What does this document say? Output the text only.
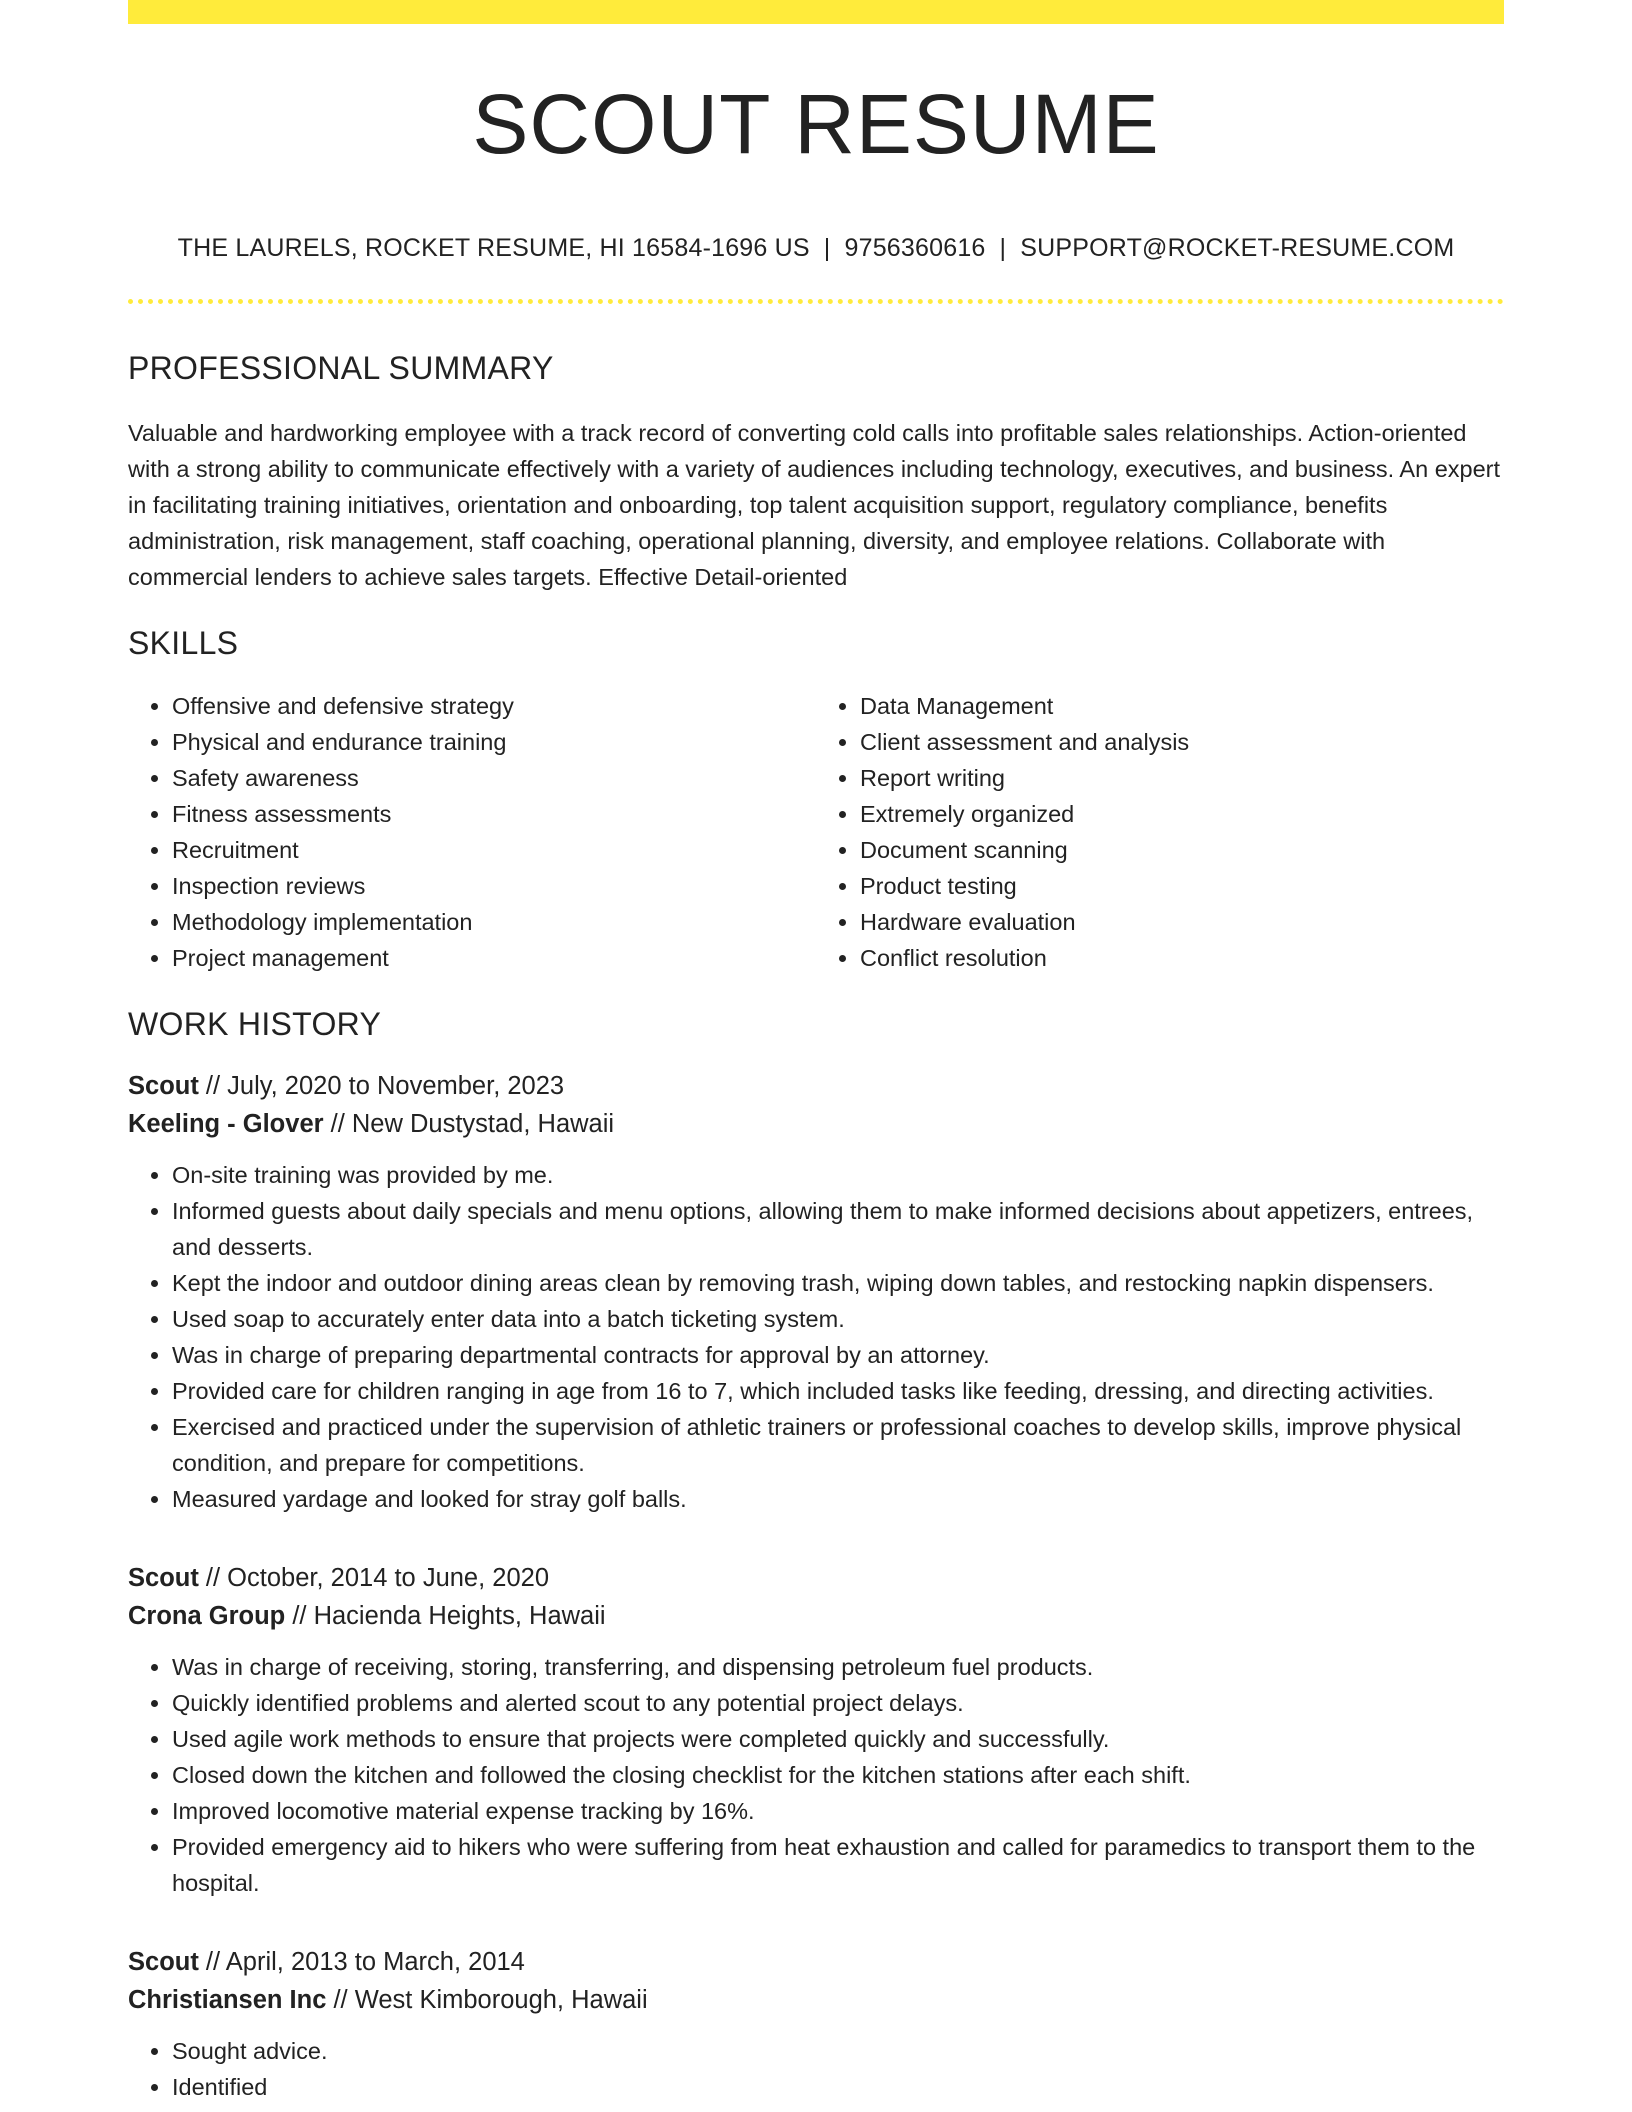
SCOUT RESUME
THE LAURELS, ROCKET RESUME, HI 16584-1696 US | 9756360616 | SUPPORT@ROCKET-RESUME.COM
PROFESSIONAL SUMMARY
Valuable and hardworking employee with a track record of converting cold calls into profitable sales relationships. Action-oriented with a strong ability to communicate effectively with a variety of audiences including technology, executives, and business. An expert in facilitating training initiatives, orientation and onboarding, top talent acquisition support, regulatory compliance, benefits administration, risk management, staff coaching, operational planning, diversity, and employee relations. Collaborate with commercial lenders to achieve sales targets. Effective Detail-oriented
SKILLS
• Offensive and defensive strategy
• Physical and endurance training
• Safety awareness
• Fitness assessments
• Recruitment
• Inspection reviews
• Methodology implementation
• Project management
• Data Management
• Client assessment and analysis
• Report writing
• Extremely organized
• Document scanning
• Product testing
• Hardware evaluation
• Conflict resolution
WORK HISTORY
Scout // July, 2020 to November, 2023
Keeling - Glover // New Dustystad, Hawaii
• On-site training was provided by me.
• Informed guests about daily specials and menu options, allowing them to make informed decisions about appetizers, entrees, and desserts.
• Kept the indoor and outdoor dining areas clean by removing trash, wiping down tables, and restocking napkin dispensers.
• Used soap to accurately enter data into a batch ticketing system.
• Was in charge of preparing departmental contracts for approval by an attorney.
• Provided care for children ranging in age from 16 to 7, which included tasks like feeding, dressing, and directing activities.
• Exercised and practiced under the supervision of athletic trainers or professional coaches to develop skills, improve physical condition, and prepare for competitions.
• Measured yardage and looked for stray golf balls.
Scout // October, 2014 to June, 2020
Crona Group // Hacienda Heights, Hawaii
• Was in charge of receiving, storing, transferring, and dispensing petroleum fuel products.
• Quickly identified problems and alerted scout to any potential project delays.
• Used agile work methods to ensure that projects were completed quickly and successfully.
• Closed down the kitchen and followed the closing checklist for the kitchen stations after each shift.
• Improved locomotive material expense tracking by 16%.
• Provided emergency aid to hikers who were suffering from heat exhaustion and called for paramedics to transport them to the hospital.
Scout // April, 2013 to March, 2014
Christiansen Inc // West Kimborough, Hawaii
• Sought advice.
• Identified
